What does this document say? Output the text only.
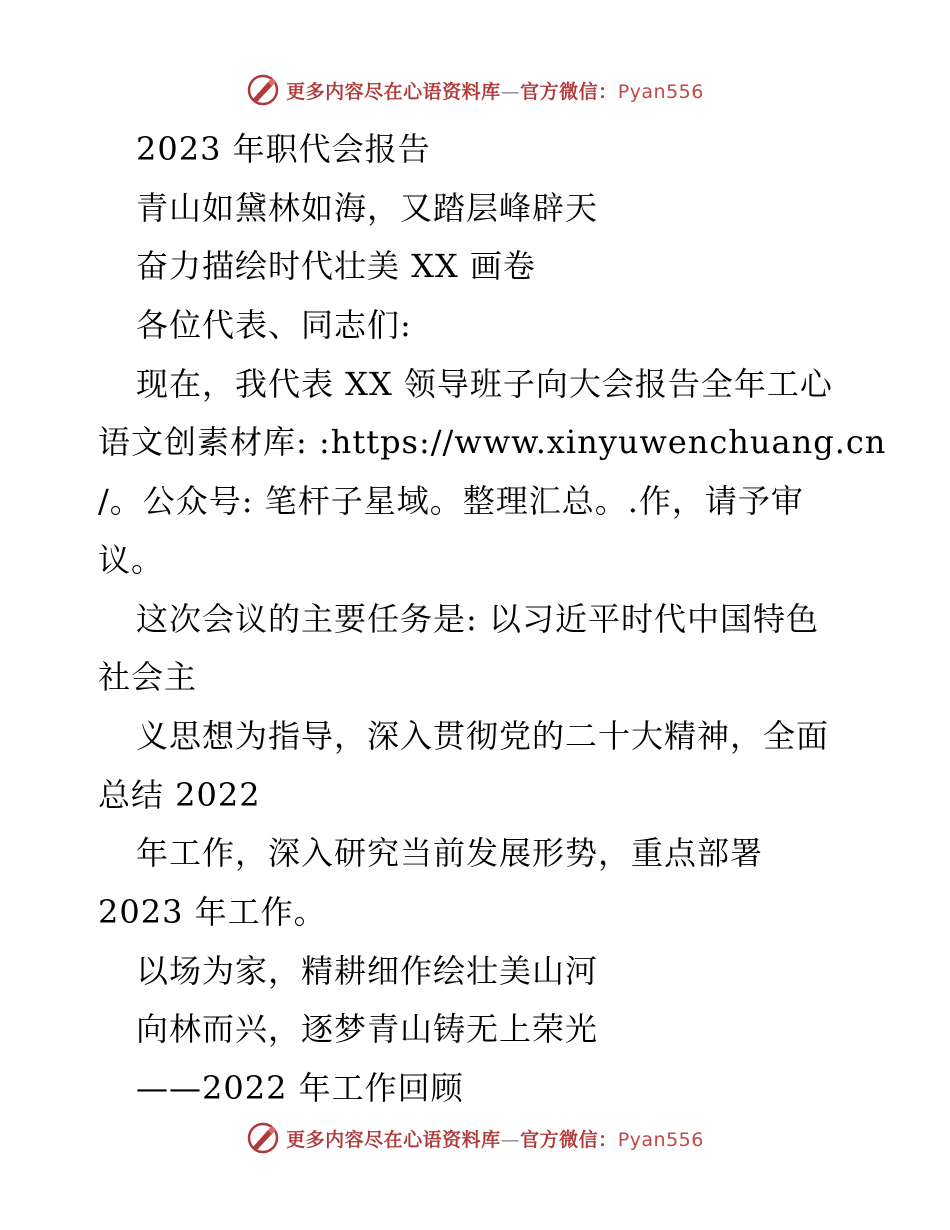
更多内容尽在心语资料库—官方微信：Pyan556
2023 年职代会报告
青山如黛林如海，又踏层峰辟天
奋力描绘时代壮美 XX 画卷
各位代表、同志们:
现在，我代表 XX 领导班子向大会报告全年工心
语文创素材库: :https://www.xinyuwenchuang.cn
/。公众号: 笔杆子星域。整理汇总。.作，请予审
议。
这次会议的主要任务是: 以习近平时代中国特色
社会主
义思想为指导，深入贯彻党的二十大精神，全面
总结 2022
年工作，深入研究当前发展形势，重点部署
2023 年工作。
以场为家，精耕细作绘壮美山河
向林而兴，逐梦青山铸无上荣光
——2022 年工作回顾
更多内容尽在心语资料库—官方微信：Pyan556
